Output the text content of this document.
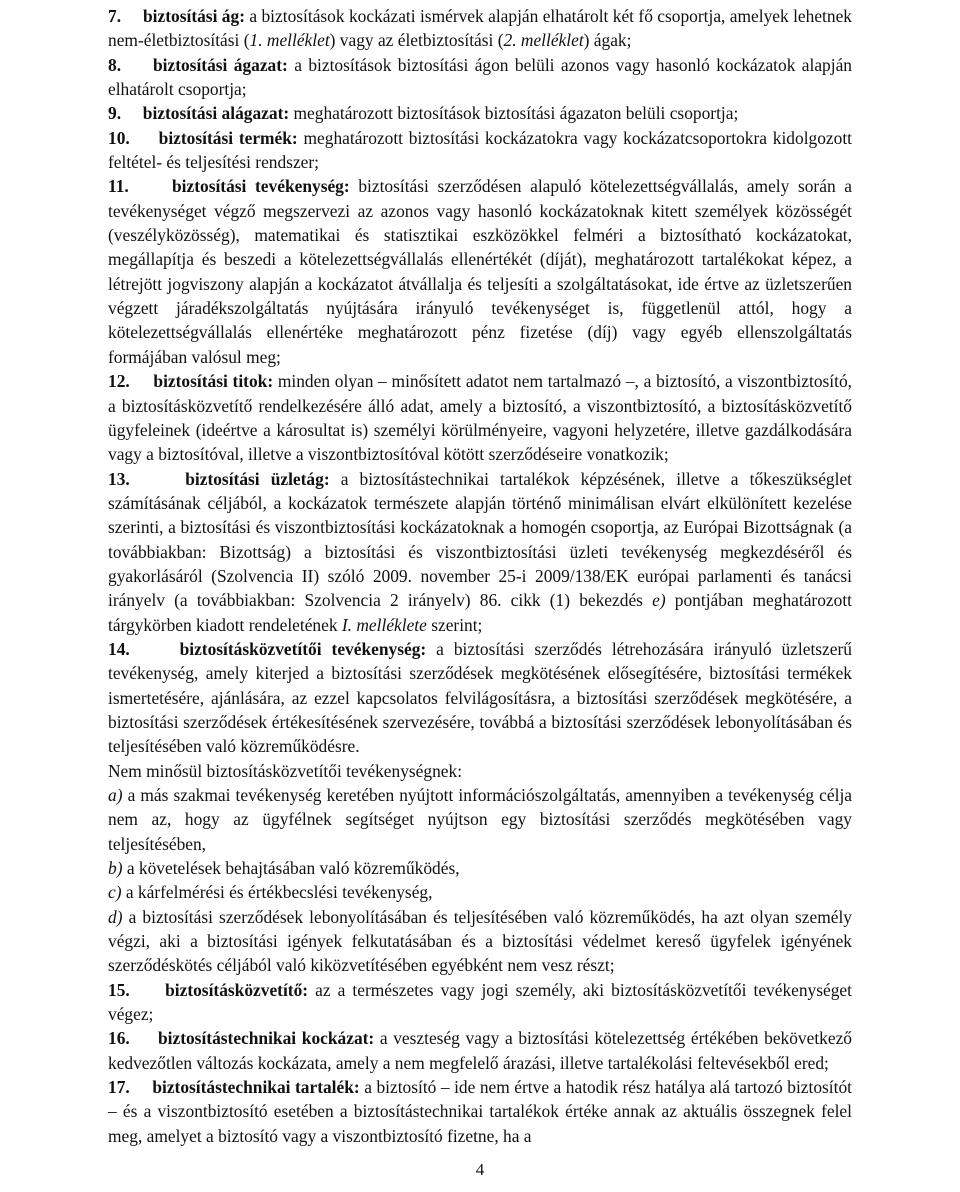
7. biztosítási ág: a biztosítások kockázati ismérvek alapján elhatárolt két fő csoportja, amelyek lehetnek nem-életbiztosítási (1. melléklet) vagy az életbiztosítási (2. melléklet) ágak;

8. biztosítási ágazat: a biztosítások biztosítási ágon belüli azonos vagy hasonló kockázatok alapján elhatárolt csoportja;

9. biztosítási alágazat: meghatározott biztosítások biztosítási ágazaton belüli csoportja;

10. biztosítási termék: meghatározott biztosítási kockázatokra vagy kockázatcsoportokra kidolgozott feltétel- és teljesítési rendszer;

11. biztosítási tevékenység: biztosítási szerződésen alapuló kötelezettségvállalás, amely során a tevékenységet végző megszervezi az azonos vagy hasonló kockázatoknak kitett személyek közösségét (veszélyközösség), matematikai és statisztikai eszközökkel felméri a biztosítható kockázatokat, megállapítja és beszedi a kötelezettségvállalás ellenértékét (díját), meghatározott tartalékokat képez, a létrejött jogviszony alapján a kockázatot átvállalja és teljesíti a szolgáltatásokat, ide értve az üzletszerűen végzett járadékszolgáltatás nyújtására irányuló tevékenységet is, függetlenül attól, hogy a kötelezettségvállalás ellenértéke meghatározott pénz fizetése (díj) vagy egyéb ellenszolgáltatás formájában valósul meg;

12. biztosítási titok: minden olyan – minősített adatot nem tartalmazó –, a biztosító, a viszontbiztosító, a biztosításközvetítő rendelkezésére álló adat, amely a biztosító, a viszontbiztosító, a biztosításközvetítő ügyfeleinek (ideértve a károsultat is) személyi körülményeire, vagyoni helyzetére, illetve gazdálkodására vagy a biztosítóval, illetve a viszontbiztosítóval kötött szerződéseire vonatkozik;

13.	biztosítási üzletág: a biztosítástechnikai tartalékok képzésének, illetve a tőkeszükséglet számításának céljából, a kockázatok természete alapján történő minimálisan elvárt elkülönített kezelése szerinti, a biztosítási és viszontbiztosítási kockázatoknak a homogén csoportja, az Európai Bizottságnak (a továbbiakban: Bizottság) a biztosítási és viszontbiztosítási üzleti tevékenység megkezdéséről és gyakorlásáról (Szolvencia II) szóló 2009. november 25-i 2009/138/EK európai parlamenti és tanácsi irányelv (a továbbiakban: Szolvencia 2 irányelv) 86. cikk (1) bekezdés e) pontjában meghatározott tárgykörben kiadott rendeletének I. melléklete szerint;

14.	biztosításközvetítői tevékenység: a biztosítási szerződés létrehozására irányuló üzletszerű tevékenység, amely kiterjed a biztosítási szerződések megkötésének elősegítésére, biztosítási termékek ismertetésére, ajánlására, az ezzel kapcsolatos felvilágosításra, a biztosítási szerződések megkötésére, a biztosítási szerződések értékesítésének szervezésére, továbbá a biztosítási szerződések lebonyolításában és teljesítésében való közreműködésre.

Nem minősül biztosításközvetítői tevékenységnek:

a) a más szakmai tevékenység keretében nyújtott információszolgáltatás, amennyiben a tevékenység célja nem az, hogy az ügyfélnek segítséget nyújtson egy biztosítási szerződés megkötésében vagy teljesítésében,

b) a követelések behajtásában való közreműködés,

c) a kárfelmérési és értékbecslési tevékenység,

d) a biztosítási szerződések lebonyolításában és teljesítésében való közreműködés, ha azt olyan személy végzi, aki a biztosítási igények felkutatásában és a biztosítási védelmet kereső ügyfelek igényének szerződéskötés céljából való kiközvetítésében egyébként nem vesz részt;

15. biztosításközvetítő: az a természetes vagy jogi személy, aki biztosításközvetítői tevékenységet végez;

16. biztosítástechnikai kockázat: a veszteség vagy a biztosítási kötelezettség értékében bekövetkező kedvezőtlen változás kockázata, amely a nem megfelelő árazási, illetve tartalékolási feltevésekből ered;

17. biztosítástechnikai tartalék: a biztosító – ide nem értve a hatodik rész hatálya alá tartozó biztosítót – és a viszontbiztosító esetében a biztosítástechnikai tartalékok értéke annak az aktuális összegnek felel meg, amelyet a biztosító vagy a viszontbiztosító fizetne, ha a

4
